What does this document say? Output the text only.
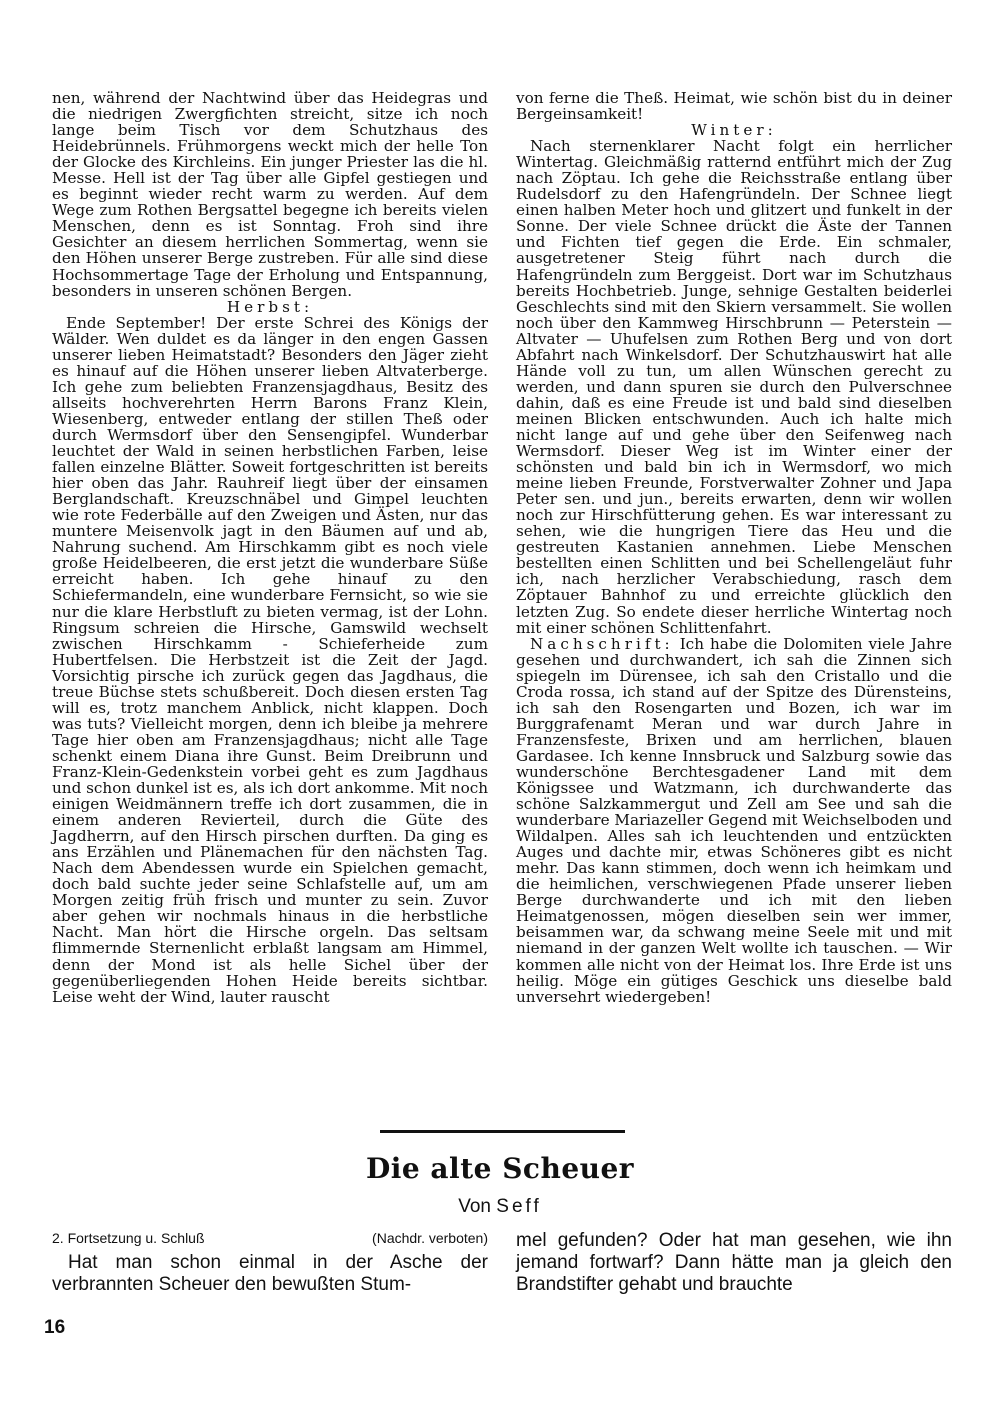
nen, während der Nachtwind über das Heidegras und die niedrigen Zwergfichten streicht, sitze ich noch lange beim Tisch vor dem Schutzhaus des Heidebrünnels. Frühmorgens weckt mich der helle Ton der Glocke des Kirchleins. Ein junger Priester las die hl. Messe. Hell ist der Tag über alle Gipfel gestiegen und es beginnt wieder recht warm zu werden. Auf dem Wege zum Rothen Bergsattel begegne ich bereits vielen Menschen, denn es ist Sonntag. Froh sind ihre Gesichter an diesem herrlichen Sommertag, wenn sie den Höhen unserer Berge zustreben. Für alle sind diese Hochsommertage Tage der Erholung und Entspannung, besonders in unseren schönen Bergen.

Herbst:

Ende September! Der erste Schrei des Königs der Wälder. Wen duldet es da länger in den engen Gassen unserer lieben Heimatstadt? Besonders den Jäger zieht es hinauf auf die Höhen unserer lieben Altvaterberge. Ich gehe zum beliebten Franzensjagdhaus, Besitz des allseits hochverehrten Herrn Barons Franz Klein, Wiesenberg, entweder entlang der stillen Theß oder durch Wermsdorf über den Sensengipfel. Wunderbar leuchtet der Wald in seinen herbstlichen Farben, leise fallen einzelne Blätter. Soweit fortgeschritten ist bereits hier oben das Jahr. Rauhreif liegt über der einsamen Berglandschaft. Kreuzschnäbel und Gimpel leuchten wie rote Federbälle auf den Zweigen und Ästen, nur das muntere Meisenvolk jagt in den Bäumen auf und ab, Nahrung suchend. Am Hirschkamm gibt es noch viele große Heidelbeeren, die erst jetzt die wunderbare Süße erreicht haben. Ich gehe hinauf zu den Schiefermandeln, eine wunderbare Fernsicht, so wie sie nur die klare Herbstluft zu bieten vermag, ist der Lohn. Ringsum schreien die Hirsche, Gamswild wechselt zwischen Hirschkamm - Schieferheide zum Hubertfelsen. Die Herbstzeit ist die Zeit der Jagd. Vorsichtig pirsche ich zurück gegen das Jagdhaus, die treue Büchse stets schußbereit. Doch diesen ersten Tag will es, trotz manchem Anblick, nicht klappen. Doch was tuts? Vielleicht morgen, denn ich bleibe ja mehrere Tage hier oben am Franzensjagdhaus; nicht alle Tage schenkt einem Diana ihre Gunst. Beim Dreibrunn und Franz-Klein-Gedenkstein vorbei geht es zum Jagdhaus und schon dunkel ist es, als ich dort ankomme. Mit noch einigen Weidmännern treffe ich dort zusammen, die in einem anderen Revierteil, durch die Güte des Jagdherrn, auf den Hirsch pirschen durften. Da ging es ans Erzählen und Plänemachen für den nächsten Tag. Nach dem Abendessen wurde ein Spielchen gemacht, doch bald suchte jeder seine Schlafstelle auf, um am Morgen zeitig früh frisch und munter zu sein. Zuvor aber gehen wir nochmals hinaus in die herbstliche Nacht. Man hört die Hirsche orgeln. Das seltsam flimmernde Sternenlicht erblaßt langsam am Himmel, denn der Mond ist als helle Sichel über der gegenüberliegenden Hohen Heide bereits sichtbar. Leise weht der Wind, lauter rauscht

von ferne die Theß. Heimat, wie schön bist du in deiner Bergeinsamkeit!

Winter:

Nach sternenklarer Nacht folgt ein herrlicher Wintertag. Gleichmäßig ratternd entführt mich der Zug nach Zöptau. Ich gehe die Reichsstraße entlang über Rudelsdorf zu den Hafengründeln. Der Schnee liegt einen halben Meter hoch und glitzert und funkelt in der Sonne. Der viele Schnee drückt die Äste der Tannen und Fichten tief gegen die Erde. Ein schmaler, ausgetretener Steig führt nach durch die Hafengründeln zum Berggeist. Dort war im Schutzhaus bereits Hochbetrieb. Junge, sehnige Gestalten beiderlei Geschlechts sind mit den Skiern versammelt. Sie wollen noch über den Kammweg Hirschbrunn — Peterstein — Altvater — Uhufelsen zum Rothen Berg und von dort Abfahrt nach Winkelsdorf. Der Schutzhauswirt hat alle Hände voll zu tun, um allen Wünschen gerecht zu werden, und dann spuren sie durch den Pulverschnee dahin, daß es eine Freude ist und bald sind dieselben meinen Blicken entschwunden. Auch ich halte mich nicht lange auf und gehe über den Seifenweg nach Wermsdorf. Dieser Weg ist im Winter einer der schönsten und bald bin ich in Wermsdorf, wo mich meine lieben Freunde, Forstverwalter Zohner und Japa Peter sen. und jun., bereits erwarten, denn wir wollen noch zur Hirschfütterung gehen. Es war interessant zu sehen, wie die hungrigen Tiere das Heu und die gestreuten Kastanien annehmen. Liebe Menschen bestellten einen Schlitten und bei Schellengeläut fuhr ich, nach herzlicher Verabschiedung, rasch dem Zöptauer Bahnhof zu und erreichte glücklich den letzten Zug. So endete dieser herrliche Wintertag noch mit einer schönen Schlittenfahrt.

Nachschrift: Ich habe die Dolomiten viele Jahre gesehen und durchwandert, ich sah die Zinnen sich spiegeln im Dürensee, ich sah den Cristallo und die Croda rossa, ich stand auf der Spitze des Dürensteins, ich sah den Rosengarten und Bozen, ich war im Burggrafenamt Meran und war durch Jahre in Franzensfeste, Brixen und am herrlichen, blauen Gardasee. Ich kenne Innsbruck und Salzburg sowie das wunderschöne Berchtesgadener Land mit dem Königssee und Watzmann, ich durchwanderte das schöne Salzkammergut und Zell am See und sah die wunderbare Mariazeller Gegend mit Weichselboden und Wildalpen. Alles sah ich leuchtenden und entzückten Auges und dachte mir, etwas Schöneres gibt es nicht mehr. Das kann stimmen, doch wenn ich heimkam und die heimlichen, verschwiegenen Pfade unserer lieben Berge durchwanderte und ich mit den lieben Heimatgenossen, mögen dieselben sein wer immer, beisammen war, da schwang meine Seele mit und mit niemand in der ganzen Welt wollte ich tauschen. — Wir kommen alle nicht von der Heimat los. Ihre Erde ist uns heilig. Möge ein gütiges Geschick uns dieselbe bald unversehrt wiedergeben!

Die alte Scheuer
Von Seff
2. Fortsetzung u. Schluß	(Nachdr. verboten)
Hat man schon einmal in der Asche der verbrannten Scheuer den bewußten Stum-
mel gefunden? Oder hat man gesehen, wie ihn jemand fortwarf? Dann hätte man ja gleich den Brandstifter gehabt und brauchte
16
